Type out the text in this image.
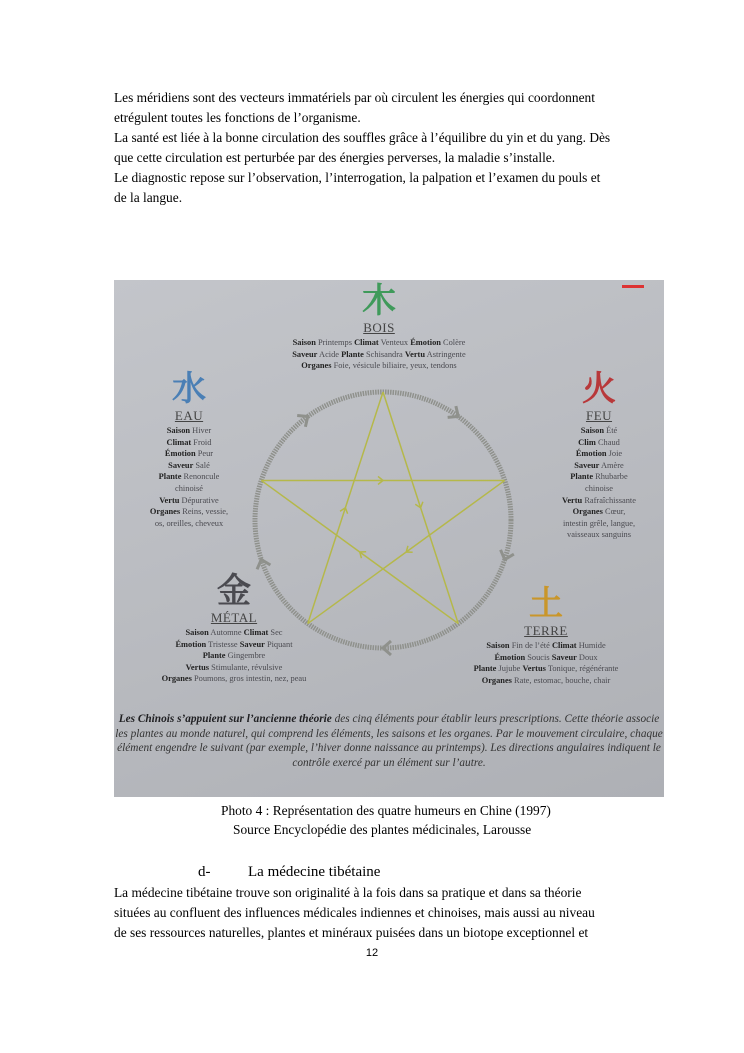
Les méridiens sont des vecteurs immatériels par où circulent les énergies qui coordonnent
etrégulent toutes les fonctions de l’organisme.
La santé est liée à la bonne circulation des souffles grâce à l’équilibre du yin et du yang. Dès
que cette circulation est perturbée par des énergies perverses, la maladie s’installe.
Le diagnostic repose sur l’observation, l’interrogation, la palpation et l’examen du pouls et
de la langue.
木
BOIS
Saison Printemps Climat Venteux Émotion Colère
Saveur Acide Plante Schisandra Vertu Astringente
Organes Foie, vésicule biliaire, yeux, tendons
水
EAU
Saison Hiver
Climat Froid
Émotion Peur
Saveur Salé
Plante Renoncule
chinoisé
Vertu Dépurative
Organes Reins, vessie,
os, oreilles, cheveux
火
FEU
Saison Été
Clim Chaud
Émotion Joie
Saveur Amère
Plante Rhubarbe
chinoise
Vertu Rafraîchissante
Organes Cœur,
intestin grêle, langue,
vaisseaux sanguins
金
MÉTAL
Saison Automne Climat Sec
Émotion Tristesse Saveur Piquant
Plante Gingembre
Vertus Stimulante, révulsive
Organes Poumons, gros intestin, nez, peau
土
TERRE
Saison Fin de l’été Climat Humide
Émotion Soucis Saveur Doux
Plante Jujube Vertus Tonique, régénérante
Organes Rate, estomac, bouche, chair
Les Chinois s’appuient sur l’ancienne théorie des cinq éléments pour établir leurs prescriptions. Cette théorie associe les plantes au monde naturel, qui comprend les éléments, les saisons et les organes. Par le mouvement circulaire, chaque élément engendre le suivant (par exemple, l’hiver donne naissance au printemps). Les directions angulaires indiquent le contrôle exercé par un élément sur l’autre.
Photo 4 : Représentation des quatre humeurs en Chine (1997)
Source Encyclopédie des plantes médicinales, Larousse
d-	La médecine tibétaine
La médecine tibétaine trouve son originalité à la fois dans sa pratique et dans sa théorie
situées au confluent des influences médicales indiennes et chinoises, mais aussi au niveau
de ses ressources naturelles, plantes et minéraux puisées dans un biotope exceptionnel et
12
